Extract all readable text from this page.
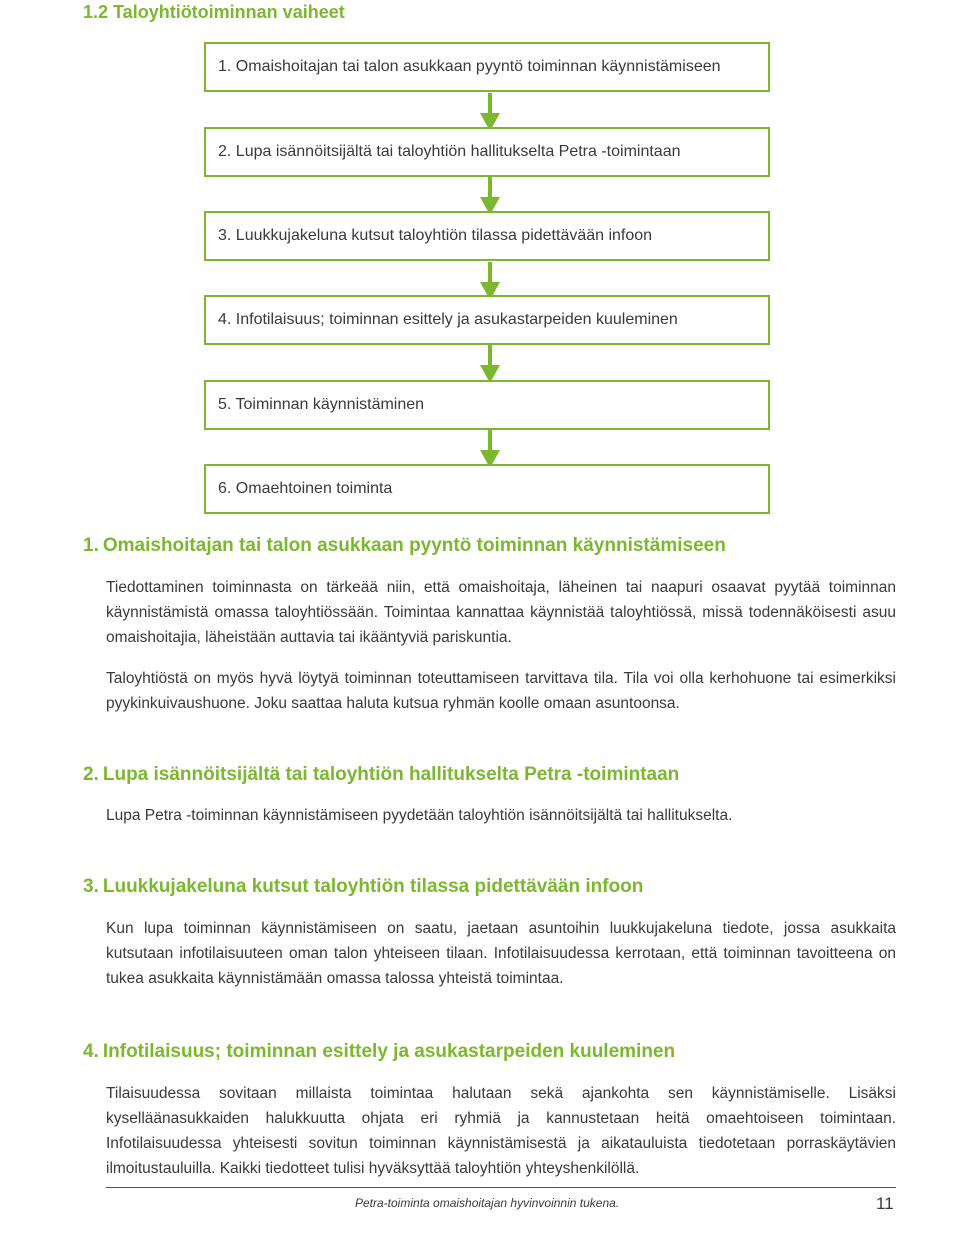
1.2 Taloyhtiötoiminnan vaiheet
1. Omaishoitajan tai talon asukkaan pyyntö toiminnan käynnistämiseen
2. Lupa isännöitsijältä tai taloyhtiön hallitukselta Petra -toimintaan
3. Luukkujakeluna kutsut taloyhtiön tilassa pidettävään infoon
4. Infotilaisuus; toiminnan esittely ja asukastarpeiden kuuleminen
5. Toiminnan käynnistäminen
6. Omaehtoinen toiminta
1. Omaishoitajan tai talon asukkaan pyyntö toiminnan käynnistämiseen

Tiedottaminen toiminnasta on tärkeää niin, että omaishoitaja, läheinen tai naapuri osaavat pyytää toiminnan käynnistämistä omassa taloyhtiössään. Toimintaa kannattaa käynnistää taloyhtiössä, missä todennäköisesti asuu omaishoitajia, läheistään auttavia tai ikääntyviä pariskuntia.

Taloyhtiöstä on myös hyvä löytyä toiminnan toteuttamiseen tarvittava tila. Tila voi olla kerhohuone tai esimerkiksi pyykinkuivaushuone. Joku saattaa haluta kutsua ryhmän koolle omaan asuntoonsa.

2. Lupa isännöitsijältä tai taloyhtiön hallitukselta Petra -toimintaan

Lupa Petra -toiminnan käynnistämiseen pyydetään taloyhtiön isännöitsijältä tai hallitukselta.

3. Luukkujakeluna kutsut taloyhtiön tilassa pidettävään infoon

Kun lupa toiminnan käynnistämiseen on saatu, jaetaan asuntoihin luukkujakeluna tiedote, jossa asukkaita kutsutaan infotilaisuuteen oman talon yhteiseen tilaan. Infotilaisuudessa kerrotaan, että toiminnan tavoitteena on tukea asukkaita käynnistämään omassa talossa yhteistä toimintaa.

4. Infotilaisuus; toiminnan esittely ja asukastarpeiden kuuleminen

Tilaisuudessa sovitaan millaista toimintaa halutaan sekä ajankohta sen käynnistämiselle. Lisäksi kyselläänasukkaiden halukkuutta ohjata eri ryhmiä ja kannustetaan heitä omaehtoiseen toimintaan. Infotilaisuudessa yhteisesti sovitun toiminnan käynnistämisestä ja aikatauluista tiedotetaan porraskäytävien ilmoitustauluilla. Kaikki tiedotteet tulisi hyväksyttää taloyhtiön yhteyshenkilöllä.

Petra-toiminta omaishoitajan hyvinvoinnin tukena.	11
